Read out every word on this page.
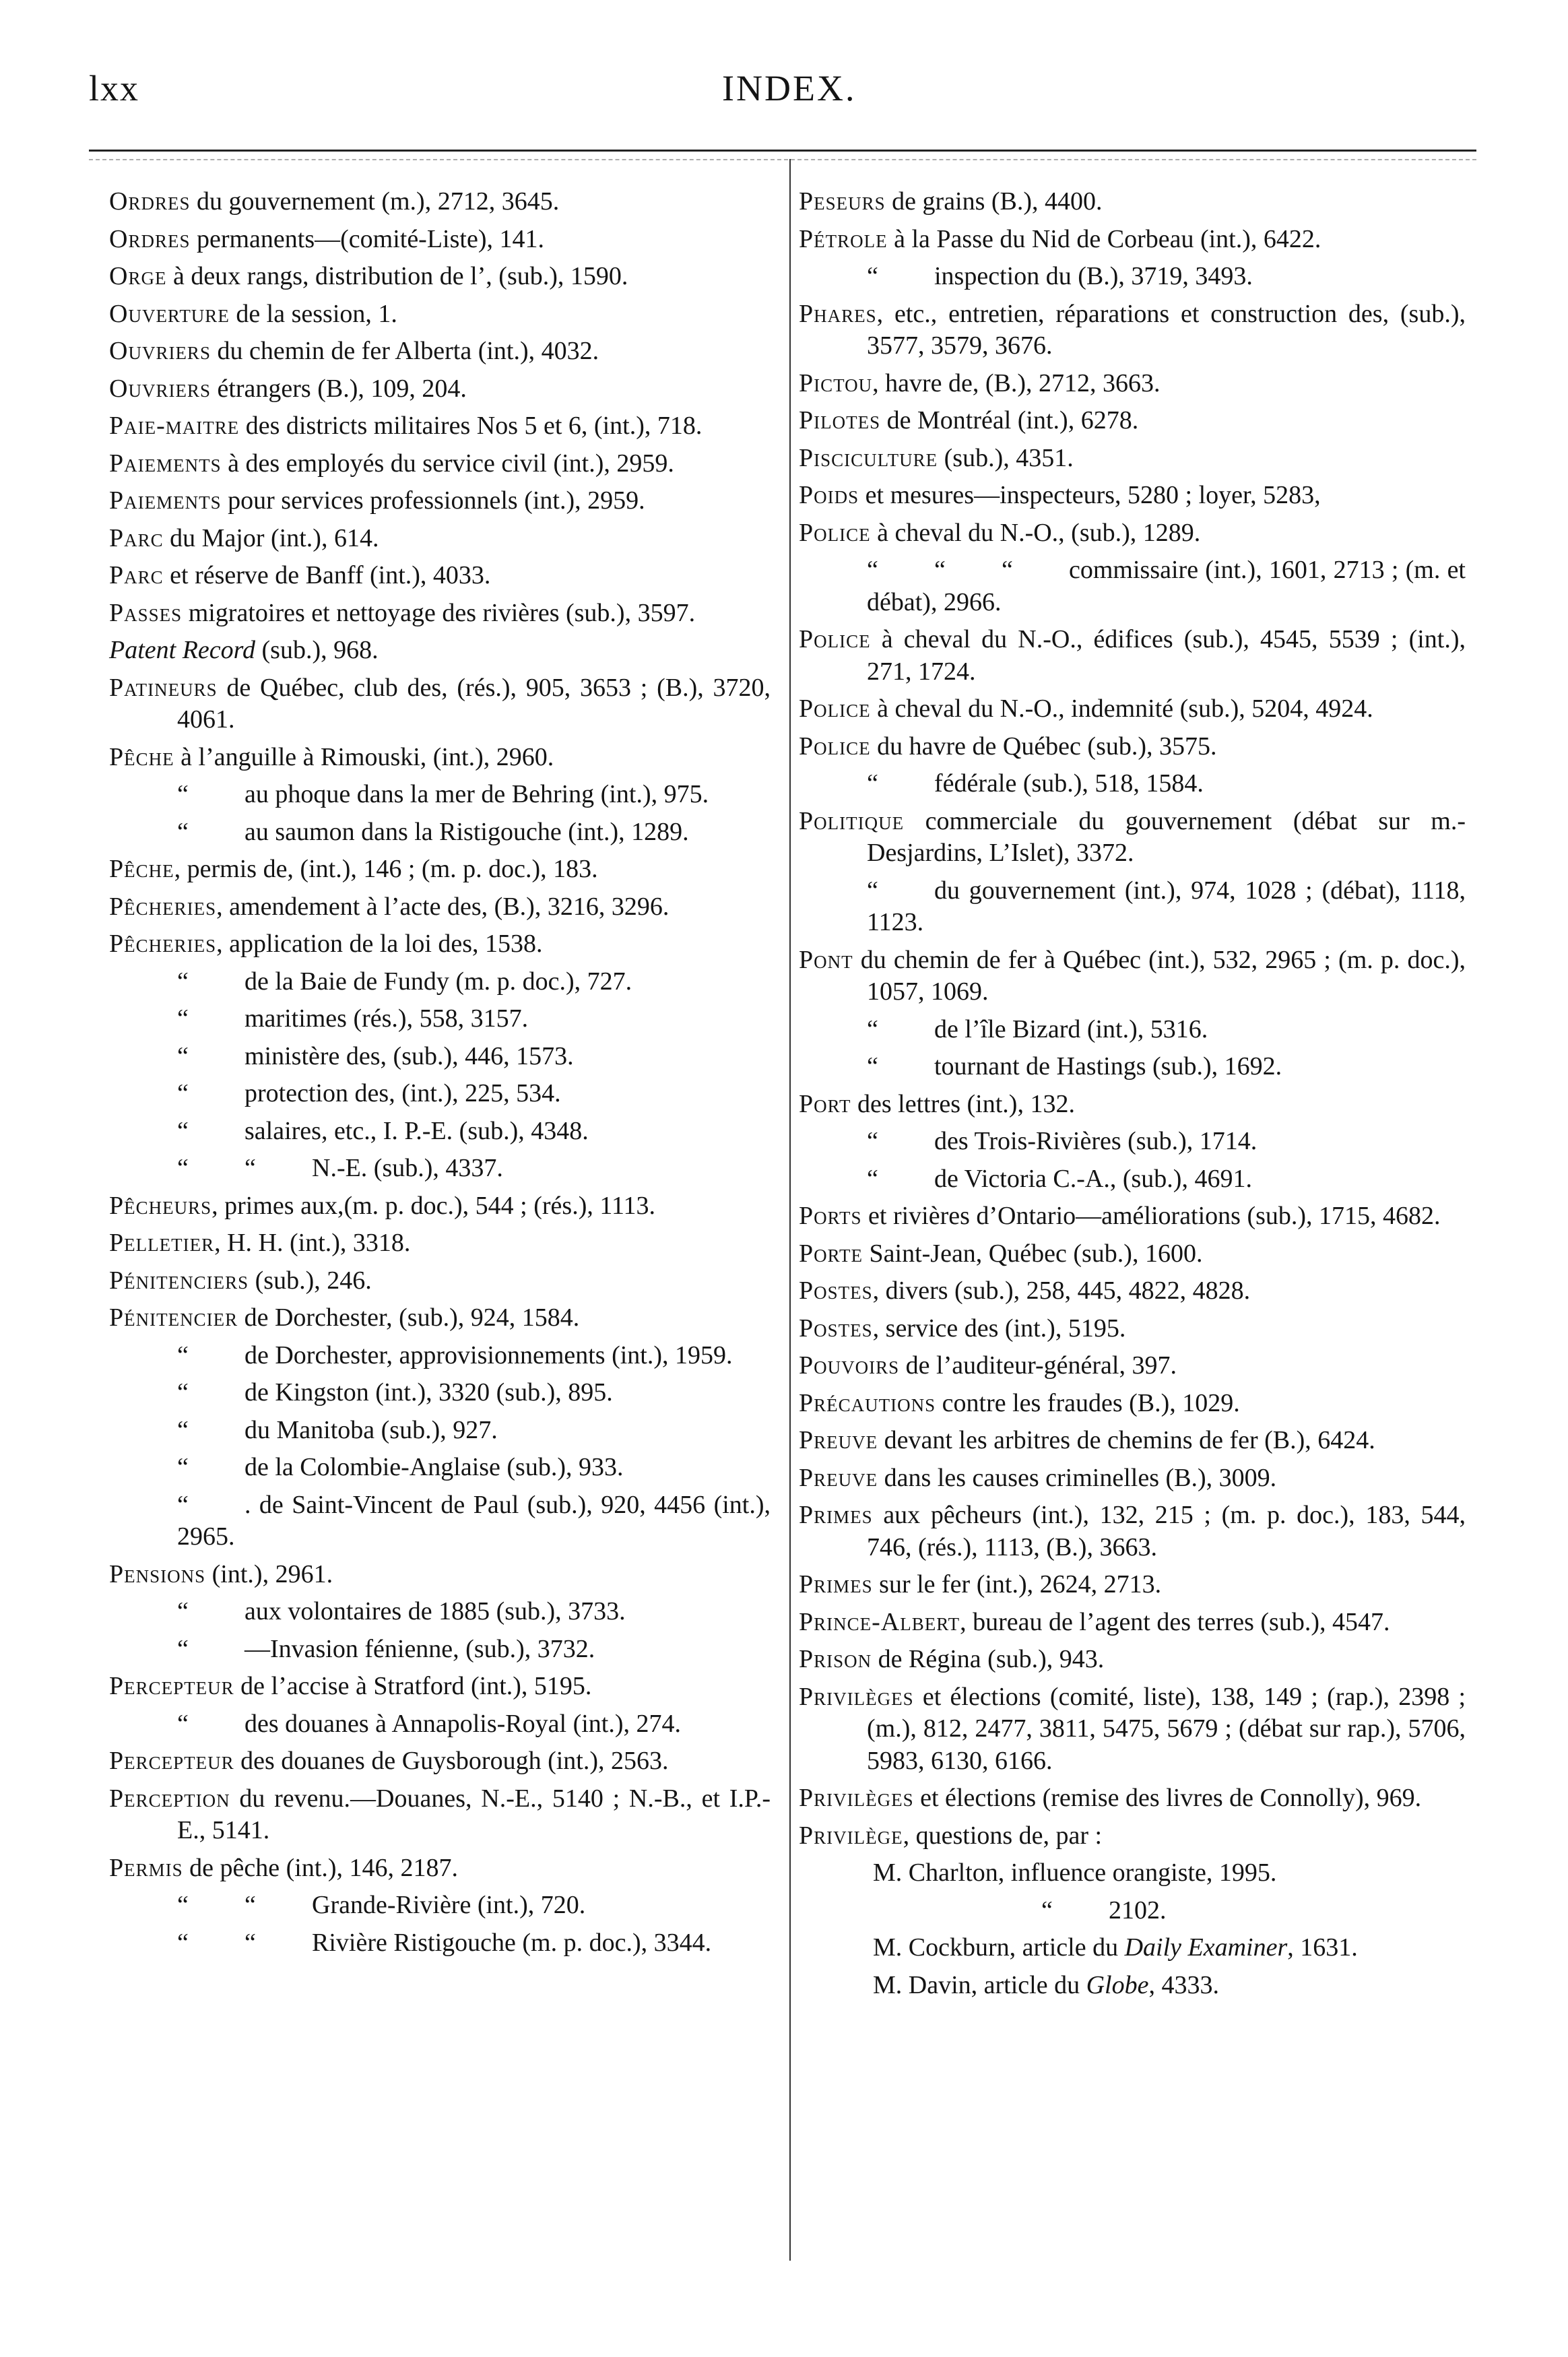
lxx	INDEX.

Ordres du gouvernement (m.), 2712, 3645.

Ordres permanents—(comité-Liste), 141.

Orge à deux rangs, distribution de l’, (sub.), 1590.

Ouverture de la session, 1.

Ouvriers du chemin de fer Alberta (int.), 4032.

Ouvriers étrangers (B.), 109, 204.

Paie-maitre des districts militaires Nos 5 et 6, (int.), 718.

Paiements à des employés du service civil (int.), 2959.

Paiements pour services professionnels (int.), 2959.

Parc du Major (int.), 614.

Parc et réserve de Banff (int.), 4033.

Passes migratoires et nettoyage des rivières (sub.), 3597.

Patent Record (sub.), 968.

Patineurs de Québec, club des, (rés.), 905, 3653 ; (B.), 3720, 4061.

Pêche à l’anguille à Rimouski, (int.), 2960.

“ au phoque dans la mer de Behring (int.), 975.

“ au saumon dans la Ristigouche (int.), 1289.

Pêche, permis de, (int.), 146 ; (m. p. doc.), 183.

Pêcheries, amendement à l’acte des, (B.), 3216, 3296.

Pêcheries, application de la loi des, 1538.

“ de la Baie de Fundy (m. p. doc.), 727.

“ maritimes (rés.), 558, 3157.

“ ministère des, (sub.), 446, 1573.

“ protection des, (int.), 225, 534.

“ salaires, etc., I. P.-E. (sub.), 4348.

“ “ N.-E. (sub.), 4337.

Pêcheurs, primes aux,(m. p. doc.), 544 ; (rés.), 1113.

Pelletier, H. H. (int.), 3318.

Pénitenciers (sub.), 246.

Pénitencier de Dorchester, (sub.), 924, 1584.

“ de Dorchester, approvisionnements (int.), 1959.

“ de Kingston (int.), 3320 (sub.), 895.

“ du Manitoba (sub.), 927.

“ de la Colombie-Anglaise (sub.), 933.

“ . de Saint-Vincent de Paul (sub.), 920, 4456 (int.), 2965.

Pensions (int.), 2961.

“ aux volontaires de 1885 (sub.), 3733.

“ —Invasion fénienne, (sub.), 3732.

Percepteur de l’accise à Stratford (int.), 5195.

“ des douanes à Annapolis-Royal (int.), 274.

Percepteur des douanes de Guysborough (int.), 2563.

Perception du revenu.—Douanes, N.-E., 5140 ; N.-B., et I.P.-E., 5141.

Permis de pêche (int.), 146, 2187.

“ “ Grande-Rivière (int.), 720.

“ “ Rivière Ristigouche (m. p. doc.), 3344.

Peseurs de grains (B.), 4400.

Pétrole à la Passe du Nid de Corbeau (int.), 6422.

“ inspection du (B.), 3719, 3493.

Phares, etc., entretien, réparations et construction des, (sub.), 3577, 3579, 3676.

Pictou, havre de, (B.), 2712, 3663.

Pilotes de Montréal (int.), 6278.

Pisciculture (sub.), 4351.

Poids et mesures—inspecteurs, 5280 ; loyer, 5283,

Police à cheval du N.-O., (sub.), 1289.

“ “ “ commissaire (int.), 1601, 2713 ; (m. et débat), 2966.

Police à cheval du N.-O., édifices (sub.), 4545, 5539 ; (int.), 271, 1724.

Police à cheval du N.-O., indemnité (sub.), 5204, 4924.

Police du havre de Québec (sub.), 3575.

“ fédérale (sub.), 518, 1584.

Politique commerciale du gouvernement (débat sur m.-Desjardins, L’Islet), 3372.

“ du gouvernement (int.), 974, 1028 ; (débat), 1118, 1123.

Pont du chemin de fer à Québec (int.), 532, 2965 ; (m. p. doc.), 1057, 1069.

“ de l’île Bizard (int.), 5316.

“ tournant de Hastings (sub.), 1692.

Port des lettres (int.), 132.

“ des Trois-Rivières (sub.), 1714.

“ de Victoria C.-A., (sub.), 4691.

Ports et rivières d’Ontario—améliorations (sub.), 1715, 4682.

Porte Saint-Jean, Québec (sub.), 1600.

Postes, divers (sub.), 258, 445, 4822, 4828.

Postes, service des (int.), 5195.

Pouvoirs de l’auditeur-général, 397.

Précautions contre les fraudes (B.), 1029.

Preuve devant les arbitres de chemins de fer (B.), 6424.

Preuve dans les causes criminelles (B.), 3009.

Primes aux pêcheurs (int.), 132, 215 ; (m. p. doc.), 183, 544, 746, (rés.), 1113, (B.), 3663.

Primes sur le fer (int.), 2624, 2713.

Prince-Albert, bureau de l’agent des terres (sub.), 4547.

Prison de Régina (sub.), 943.

Privilèges et élections (comité, liste), 138, 149 ; (rap.), 2398 ; (m.), 812, 2477, 3811, 5475, 5679 ; (débat sur rap.), 5706, 5983, 6130, 6166.

Privilèges et élections (remise des livres de Connolly), 969.

Privilège, questions de, par :

M. Charlton, influence orangiste, 1995.

“ 2102.

M. Cockburn, article du Daily Examiner, 1631.

M. Davin, article du Globe, 4333.
